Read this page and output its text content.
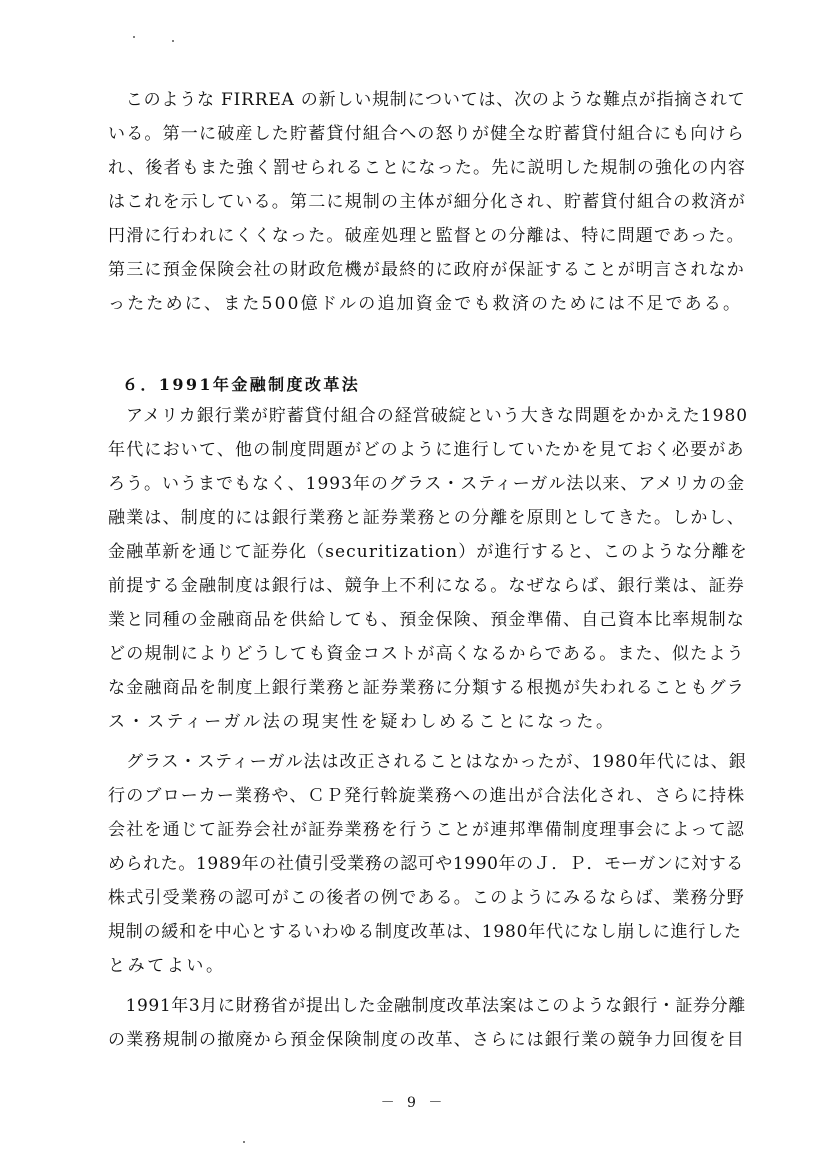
　このような FIRREA の新しい規制については、次のような難点が指摘されて
いる。第一に破産した貯蓄貸付組合への怒りが健全な貯蓄貸付組合にも向けら
れ、後者もまた強く罰せられることになった。先に説明した規制の強化の内容
はこれを示している。第二に規制の主体が細分化され、貯蓄貸付組合の救済が
円滑に行われにくくなった。破産処理と監督との分離は、特に問題であった。
第三に預金保険会社の財政危機が最終的に政府が保証することが明言されなか
ったために、また500億ドルの追加資金でも救済のためには不足である。
６．1991年金融制度改革法
　アメリカ銀行業が貯蓄貸付組合の経営破綻という大きな問題をかかえた1980
年代において、他の制度問題がどのように進行していたかを見ておく必要があ
ろう。いうまでもなく、1993年のグラス・スティーガル法以来、アメリカの金
融業は、制度的には銀行業務と証券業務との分離を原則としてきた。しかし、
金融革新を通じて証券化（securitization）が進行すると、このような分離を
前提する金融制度は銀行は、競争上不利になる。なぜならば、銀行業は、証券
業と同種の金融商品を供給しても、預金保険、預金準備、自己資本比率規制な
どの規制によりどうしても資金コストが高くなるからである。また、似たよう
な金融商品を制度上銀行業務と証券業務に分類する根拠が失われることもグラ
ス・スティーガル法の現実性を疑わしめることになった。
　グラス・スティーガル法は改正されることはなかったが、1980年代には、銀
行のブローカー業務や、ＣＰ発行斡旋業務への進出が合法化され、さらに持株
会社を通じて証券会社が証券業務を行うことが連邦準備制度理事会によって認
められた。1989年の社債引受業務の認可や1990年のＪ．Ｐ．モーガンに対する
株式引受業務の認可がこの後者の例である。このようにみるならば、業務分野
規制の緩和を中心とするいわゆる制度改革は、1980年代になし崩しに進行した
とみてよい。
　1991年3月に財務省が提出した金融制度改革法案はこのような銀行・証券分離
の業務規制の撤廃から預金保険制度の改革、さらには銀行業の競争力回復を目
－ 9 －
